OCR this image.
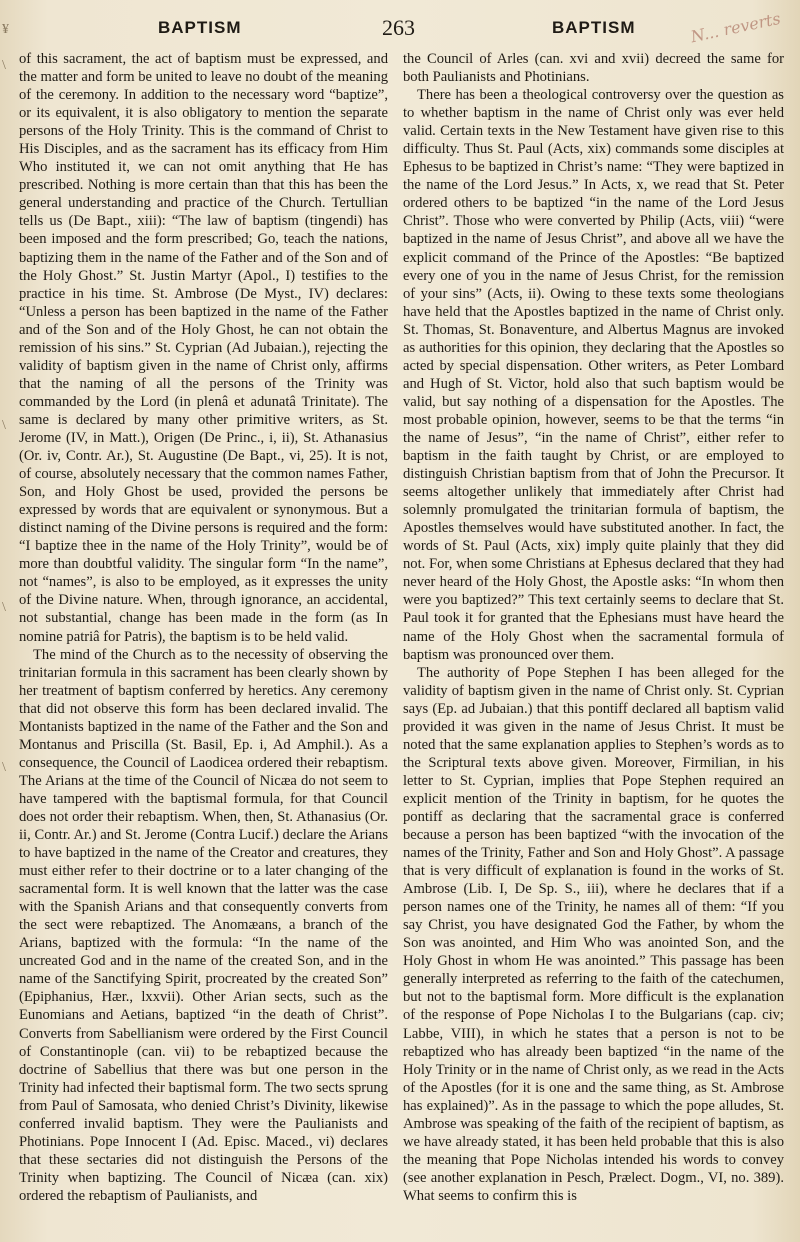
BAPTISM	263	BAPTISM	N... reverts
¥
\
\
\
\

of this sacrament, the act of baptism must be expressed, and the matter and form be united to leave no doubt of the meaning of the ceremony. In addition to the necessary word “baptize”, or its equivalent, it is also obligatory to mention the separate persons of the Holy Trinity. This is the command of Christ to His Disciples, and as the sacrament has its efficacy from Him Who instituted it, we can not omit anything that He has prescribed. Nothing is more certain than that this has been the general understanding and practice of the Church. Tertullian tells us (De Bapt., xiii): “The law of baptism (tingendi) has been imposed and the form prescribed; Go, teach the nations, baptizing them in the name of the Father and of the Son and of the Holy Ghost.” St. Justin Martyr (Apol., I) testifies to the practice in his time. St. Ambrose (De Myst., IV) declares: “Unless a person has been baptized in the name of the Father and of the Son and of the Holy Ghost, he can not obtain the remission of his sins.” St. Cyprian (Ad Jubaian.), rejecting the validity of baptism given in the name of Christ only, affirms that the naming of all the persons of the Trinity was commanded by the Lord (in plenâ et adunatâ Trinitate). The same is declared by many other primitive writers, as St. Jerome (IV, in Matt.), Origen (De Princ., i, ii), St. Athanasius (Or. iv, Contr. Ar.), St. Augustine (De Bapt., vi, 25). It is not, of course, absolutely necessary that the common names Father, Son, and Holy Ghost be used, provided the persons be expressed by words that are equivalent or synonymous. But a distinct naming of the Divine persons is required and the form: “I baptize thee in the name of the Holy Trinity”, would be of more than doubtful validity. The singular form “In the name”, not “names”, is also to be employed, as it expresses the unity of the Divine nature. When, through ignorance, an accidental, not substantial, change has been made in the form (as In nomine patriâ for Patris), the baptism is to be held valid.

The mind of the Church as to the necessity of observing the trinitarian formula in this sacrament has been clearly shown by her treatment of baptism conferred by heretics. Any ceremony that did not observe this form has been declared invalid. The Montanists baptized in the name of the Father and the Son and Montanus and Priscilla (St. Basil, Ep. i, Ad Amphil.). As a consequence, the Council of Laodicea ordered their rebaptism. The Arians at the time of the Council of Nicæa do not seem to have tampered with the baptismal formula, for that Council does not order their rebaptism. When, then, St. Athanasius (Or. ii, Contr. Ar.) and St. Jerome (Contra Lucif.) declare the Arians to have baptized in the name of the Creator and creatures, they must either refer to their doctrine or to a later changing of the sacramental form. It is well known that the latter was the case with the Spanish Arians and that consequently converts from the sect were rebaptized. The Anomæans, a branch of the Arians, baptized with the formula: “In the name of the uncreated God and in the name of the created Son, and in the name of the Sanctifying Spirit, procreated by the created Son” (Epiphanius, Hær., lxxvii). Other Arian sects, such as the Eunomians and Aetians, baptized “in the death of Christ”. Converts from Sabellianism were ordered by the First Council of Constantinople (can. vii) to be rebaptized because the doctrine of Sabellius that there was but one person in the Trinity had infected their baptismal form. The two sects sprung from Paul of Samosata, who denied Christ’s Divinity, likewise conferred invalid baptism. They were the Paulianists and Photinians. Pope Innocent I (Ad. Episc. Maced., vi) declares that these sectaries did not distinguish the Persons of the Trinity when baptizing. The Council of Nicæa (can. xix) ordered the rebaptism of Paulianists, and

the Council of Arles (can. xvi and xvii) decreed the same for both Paulianists and Photinians.

There has been a theological controversy over the question as to whether baptism in the name of Christ only was ever held valid. Certain texts in the New Testament have given rise to this difficulty. Thus St. Paul (Acts, xix) commands some disciples at Ephesus to be baptized in Christ’s name: “They were baptized in the name of the Lord Jesus.” In Acts, x, we read that St. Peter ordered others to be baptized “in the name of the Lord Jesus Christ”. Those who were converted by Philip (Acts, viii) “were baptized in the name of Jesus Christ”, and above all we have the explicit command of the Prince of the Apostles: “Be baptized every one of you in the name of Jesus Christ, for the remission of your sins” (Acts, ii). Owing to these texts some theologians have held that the Apostles baptized in the name of Christ only. St. Thomas, St. Bonaventure, and Albertus Magnus are invoked as authorities for this opinion, they declaring that the Apostles so acted by special dispensation. Other writers, as Peter Lombard and Hugh of St. Victor, hold also that such baptism would be valid, but say nothing of a dispensation for the Apostles. The most probable opinion, however, seems to be that the terms “in the name of Jesus”, “in the name of Christ”, either refer to baptism in the faith taught by Christ, or are employed to distinguish Christian baptism from that of John the Precursor. It seems altogether unlikely that immediately after Christ had solemnly promulgated the trinitarian formula of baptism, the Apostles themselves would have substituted another. In fact, the words of St. Paul (Acts, xix) imply quite plainly that they did not. For, when some Christians at Ephesus declared that they had never heard of the Holy Ghost, the Apostle asks: “In whom then were you baptized?” This text certainly seems to declare that St. Paul took it for granted that the Ephesians must have heard the name of the Holy Ghost when the sacramental formula of baptism was pronounced over them.

The authority of Pope Stephen I has been alleged for the validity of baptism given in the name of Christ only. St. Cyprian says (Ep. ad Jubaian.) that this pontiff declared all baptism valid provided it was given in the name of Jesus Christ. It must be noted that the same explanation applies to Stephen’s words as to the Scriptural texts above given. Moreover, Firmilian, in his letter to St. Cyprian, implies that Pope Stephen required an explicit mention of the Trinity in baptism, for he quotes the pontiff as declaring that the sacramental grace is conferred because a person has been baptized “with the invocation of the names of the Trinity, Father and Son and Holy Ghost”. A passage that is very difficult of explanation is found in the works of St. Ambrose (Lib. I, De Sp. S., iii), where he declares that if a person names one of the Trinity, he names all of them: “If you say Christ, you have designated God the Father, by whom the Son was anointed, and Him Who was anointed Son, and the Holy Ghost in whom He was anointed.” This passage has been generally interpreted as referring to the faith of the catechumen, but not to the baptismal form. More difficult is the explanation of the response of Pope Nicholas I to the Bulgarians (cap. civ; Labbe, VIII), in which he states that a person is not to be rebaptized who has already been baptized “in the name of the Holy Trinity or in the name of Christ only, as we read in the Acts of the Apostles (for it is one and the same thing, as St. Ambrose has explained)”. As in the passage to which the pope alludes, St. Ambrose was speaking of the faith of the recipient of baptism, as we have already stated, it has been held probable that this is also the meaning that Pope Nicholas intended his words to convey (see another explanation in Pesch, Prælect. Dogm., VI, no. 389). What seems to confirm this is
